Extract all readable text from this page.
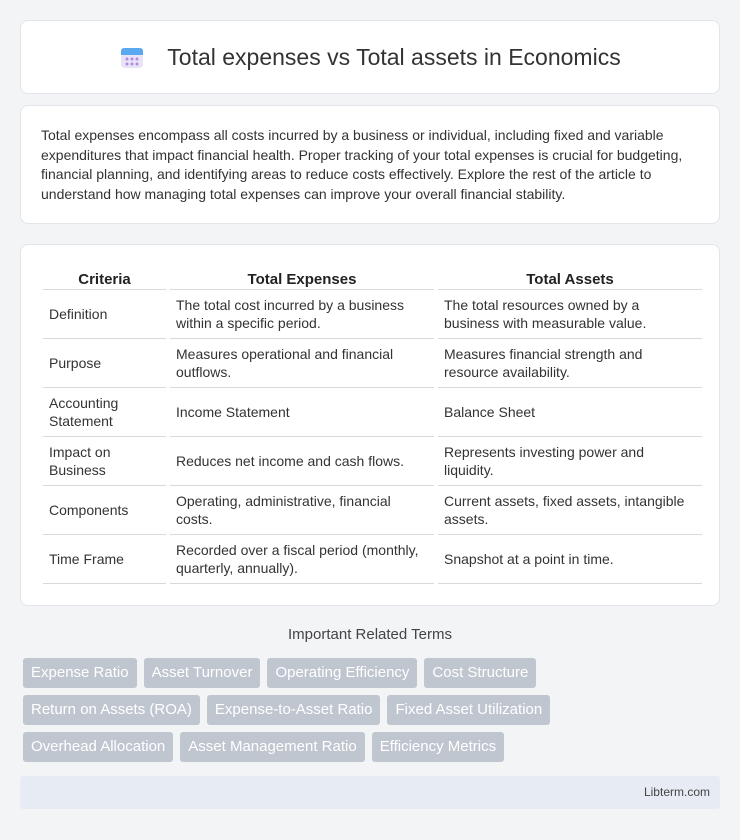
Total expenses vs Total assets in Economics

Total expenses encompass all costs incurred by a business or individual, including fixed and variable expenditures that impact financial health. Proper tracking of your total expenses is crucial for budgeting, financial planning, and identifying areas to reduce costs effectively. Explore the rest of the article to understand how managing total expenses can improve your overall financial stability.

Criteria	Total Expenses	Total Assets
Definition	The total cost incurred by a business within a specific period.	The total resources owned by a business with measurable value.
Purpose	Measures operational and financial outflows.	Measures financial strength and resource availability.
Accounting Statement	Income Statement	Balance Sheet
Impact on Business	Reduces net income and cash flows.	Represents investing power and liquidity.
Components	Operating, administrative, financial costs.	Current assets, fixed assets, intangible assets.
Time Frame	Recorded over a fiscal period (monthly, quarterly, annually).	Snapshot at a point in time.
Important Related Terms
Expense Ratio	Asset Turnover	Operating Efficiency	Cost Structure
Return on Assets (ROA)	Expense-to-Asset Ratio	Fixed Asset Utilization
Overhead Allocation	Asset Management Ratio	Efficiency Metrics
Libterm.com
